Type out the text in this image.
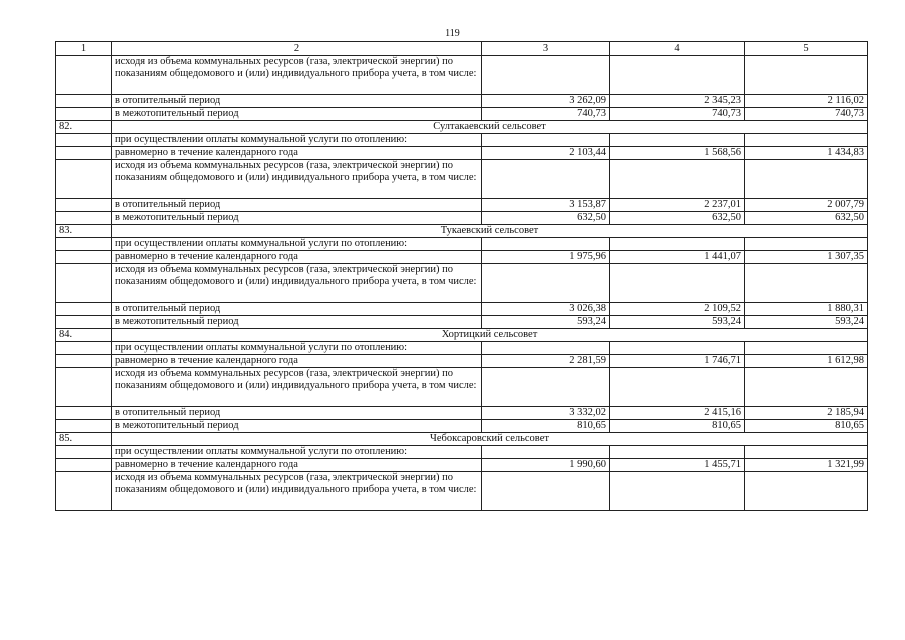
119
1	2	3	4	5
	исходя из объема коммунальных ресурсов (газа, электрической энергии) по показаниям общедомового и (или) индивидуального прибора учета, в том числе:			
	в отопительный период	3 262,09	2 345,23	2 116,02
	в межотопительный период	740,73	740,73	740,73
82.	Султакаевский сельсовет			
	при осуществлении оплаты коммунальной услуги по отоплению:			
	равномерно в течение календарного года	2 103,44	1 568,56	1 434,83
	исходя из объема коммунальных ресурсов (газа, электрической энергии) по показаниям общедомового и (или) индивидуального прибора учета, в том числе:			
	в отопительный период	3 153,87	2 237,01	2 007,79
	в межотопительный период	632,50	632,50	632,50
83.	Тукаевский сельсовет			
	при осуществлении оплаты коммунальной услуги по отоплению:			
	равномерно в течение календарного года	1 975,96	1 441,07	1 307,35
	исходя из объема коммунальных ресурсов (газа, электрической энергии) по показаниям общедомового и (или) индивидуального прибора учета, в том числе:			
	в отопительный период	3 026,38	2 109,52	1 880,31
	в межотопительный период	593,24	593,24	593,24
84.	Хортицкий сельсовет			
	при осуществлении оплаты коммунальной услуги по отоплению:			
	равномерно в течение календарного года	2 281,59	1 746,71	1 612,98
	исходя из объема коммунальных ресурсов (газа, электрической энергии) по показаниям общедомового и (или) индивидуального прибора учета, в том числе:			
	в отопительный период	3 332,02	2 415,16	2 185,94
	в межотопительный период	810,65	810,65	810,65
85.	Чебоксаровский сельсовет			
	при осуществлении оплаты коммунальной услуги по отоплению:			
	равномерно в течение календарного года	1 990,60	1 455,71	1 321,99
	исходя из объема коммунальных ресурсов (газа, электрической энергии) по показаниям общедомового и (или) индивидуального прибора учета, в том числе:			
